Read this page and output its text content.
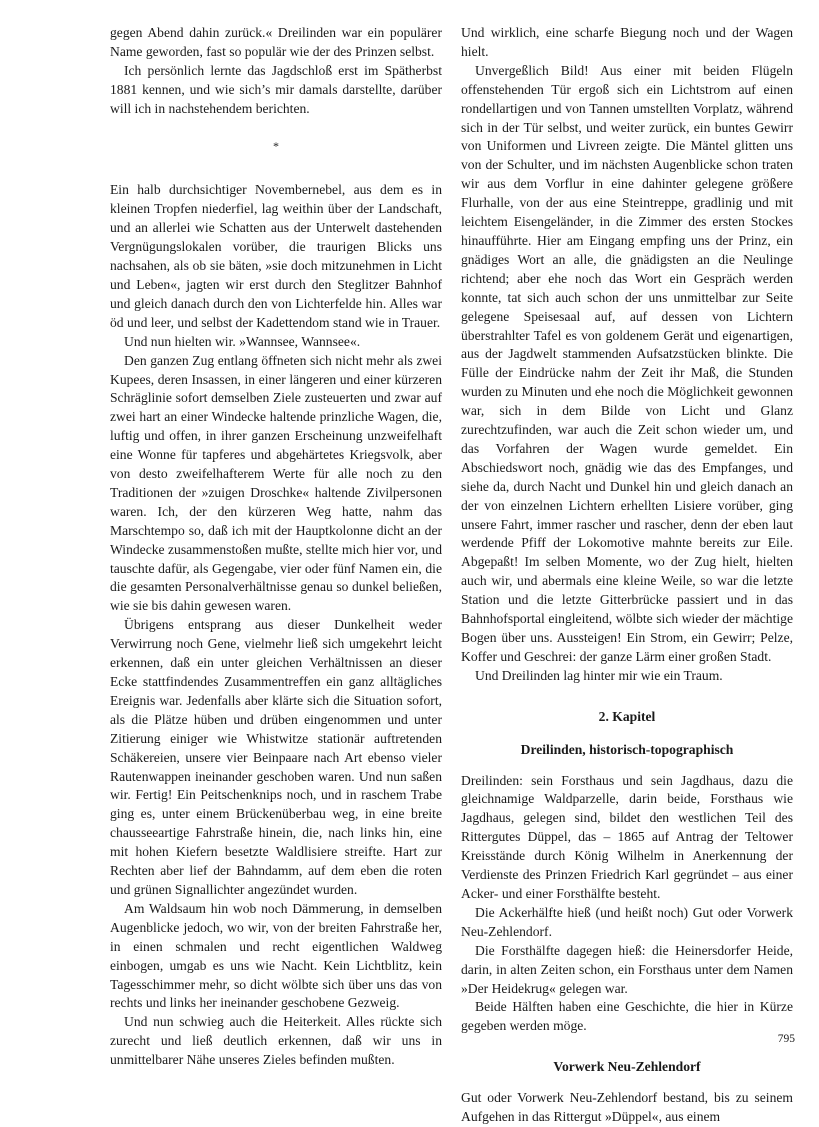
gegen Abend dahin zurück.« Dreilinden war ein populärer Name geworden, fast so populär wie der des Prinzen selbst.

Ich persönlich lernte das Jagdschloß erst im Spätherbst 1881 kennen, und wie sich’s mir damals darstellte, darüber will ich in nachstehendem berichten.

*

Ein halb durchsichtiger Novembernebel, aus dem es in kleinen Tropfen niederfiel, lag weithin über der Landschaft, und an allerlei wie Schatten aus der Unterwelt dastehenden Vergnügungslokalen vorüber, die traurigen Blicks uns nachsahen, als ob sie bäten, »sie doch mitzunehmen in Licht und Leben«, jagten wir erst durch den Steglitzer Bahnhof und gleich danach durch den von Lichterfelde hin. Alles war öd und leer, und selbst der Kadettendom stand wie in Trauer.

Und nun hielten wir. »Wannsee, Wannsee«.

Den ganzen Zug entlang öffneten sich nicht mehr als zwei Kupees, deren Insassen, in einer längeren und einer kürzeren Schräglinie sofort demselben Ziele zusteuerten und zwar auf zwei hart an einer Windecke haltende prinzliche Wagen, die, luftig und offen, in ihrer ganzen Erscheinung unzweifelhaft eine Wonne für tapferes und abgehärtetes Kriegsvolk, aber von desto zweifelhafterem Werte für alle noch zu den Traditionen der »zuigen Droschke« haltende Zivilpersonen waren. Ich, der den kürzeren Weg hatte, nahm das Marschtempo so, daß ich mit der Hauptkolonne dicht an der Windecke zusammenstoßen mußte, stellte mich hier vor, und tauschte dafür, als Gegengabe, vier oder fünf Namen ein, die die gesamten Personalverhältnisse genau so dunkel beließen, wie sie bis dahin gewesen waren.

Übrigens entsprang aus dieser Dunkelheit weder Verwirrung noch Gene, vielmehr ließ sich umgekehrt leicht erkennen, daß ein unter gleichen Verhältnissen an dieser Ecke stattfindendes Zusammentreffen ein ganz alltägliches Ereignis war. Jedenfalls aber klärte sich die Situation sofort, als die Plätze hüben und drüben eingenommen und unter Zitierung einiger wie Whistwitze stationär auftretenden Schäkereien, unsere vier Beinpaare nach Art ebenso vieler Rautenwappen ineinander geschoben waren. Und nun saßen wir. Fertig! Ein Peitschenknips noch, und in raschem Trabe ging es, unter einem Brückenüberbau weg, in eine breite chausseeartige Fahrstraße hinein, die, nach links hin, eine mit hohen Kiefern besetzte Waldlisiere streifte. Hart zur Rechten aber lief der Bahndamm, auf dem eben die roten und grünen Signallichter angezündet wurden.

Am Waldsaum hin wob noch Dämmerung, in demselben Augenblicke jedoch, wo wir, von der breiten Fahrstraße her, in einen schmalen und recht eigentlichen Waldweg einbogen, umgab es uns wie Nacht. Kein Lichtblitz, kein Tagesschimmer mehr, so dicht wölbte sich über uns das von rechts und links her ineinander geschobene Gezweig.

Und nun schwieg auch die Heiterkeit. Alles rückte sich zurecht und ließ deutlich erkennen, daß wir uns in unmittelbarer Nähe unseres Zieles befinden mußten.

Und wirklich, eine scharfe Biegung noch und der Wagen hielt.

Unvergeßlich Bild! Aus einer mit beiden Flügeln offenstehenden Tür ergoß sich ein Lichtstrom auf einen rondellartigen und von Tannen umstellten Vorplatz, während sich in der Tür selbst, und weiter zurück, ein buntes Gewirr von Uniformen und Livreen zeigte. Die Mäntel glitten uns von der Schulter, und im nächsten Augenblicke schon traten wir aus dem Vorflur in eine dahinter gelegene größere Flurhalle, von der aus eine Steintreppe, gradlinig und mit leichtem Eisengeländer, in die Zimmer des ersten Stockes hinaufführte. Hier am Eingang empfing uns der Prinz, ein gnädiges Wort an alle, die gnädigsten an die Neulinge richtend; aber ehe noch das Wort ein Gespräch werden konnte, tat sich auch schon der uns unmittelbar zur Seite gelegene Speisesaal auf, auf dessen von Lichtern überstrahlter Tafel es von goldenem Gerät und eigenartigen, aus der Jagdwelt stammenden Aufsatzstücken blinkte. Die Fülle der Eindrücke nahm der Zeit ihr Maß, die Stunden wurden zu Minuten und ehe noch die Möglichkeit gewonnen war, sich in dem Bilde von Licht und Glanz zurechtzufinden, war auch die Zeit schon wieder um, und das Vorfahren der Wagen wurde gemeldet. Ein Abschiedswort noch, gnädig wie das des Empfanges, und siehe da, durch Nacht und Dunkel hin und gleich danach an der von einzelnen Lichtern erhellten Lisiere vorüber, ging unsere Fahrt, immer rascher und rascher, denn der eben laut werdende Pfiff der Lokomotive mahnte bereits zur Eile. Abgepaßt! Im selben Momente, wo der Zug hielt, hielten auch wir, und abermals eine kleine Weile, so war die letzte Station und die letzte Gitterbrücke passiert und in das Bahnhofsportal eingleitend, wölbte sich wieder der mächtige Bogen über uns. Aussteigen! Ein Strom, ein Gewirr; Pelze, Koffer und Geschrei: der ganze Lärm einer großen Stadt.

Und Dreilinden lag hinter mir wie ein Traum.

2. Kapitel
Dreilinden, historisch-topographisch

Dreilinden: sein Forsthaus und sein Jagdhaus, dazu die gleichnamige Waldparzelle, darin beide, Forsthaus wie Jagdhaus, gelegen sind, bildet den westlichen Teil des Rittergutes Düppel, das – 1865 auf Antrag der Teltower Kreisstände durch König Wilhelm in Anerkennung der Verdienste des Prinzen Friedrich Karl gegründet – aus einer Acker- und einer Forsthälfte besteht.

Die Ackerhälfte hieß (und heißt noch) Gut oder Vorwerk Neu-Zehlendorf.

Die Forsthälfte dagegen hieß: die Heinersdorfer Heide, darin, in alten Zeiten schon, ein Forsthaus unter dem Namen »Der Heidekrug« gelegen war.

Beide Hälften haben eine Geschichte, die hier in Kürze gegeben werden möge.

Vorwerk Neu-Zehlendorf

Gut oder Vorwerk Neu-Zehlendorf bestand, bis zu seinem Aufgehen in das Rittergut »Düppel«, aus einem

795
